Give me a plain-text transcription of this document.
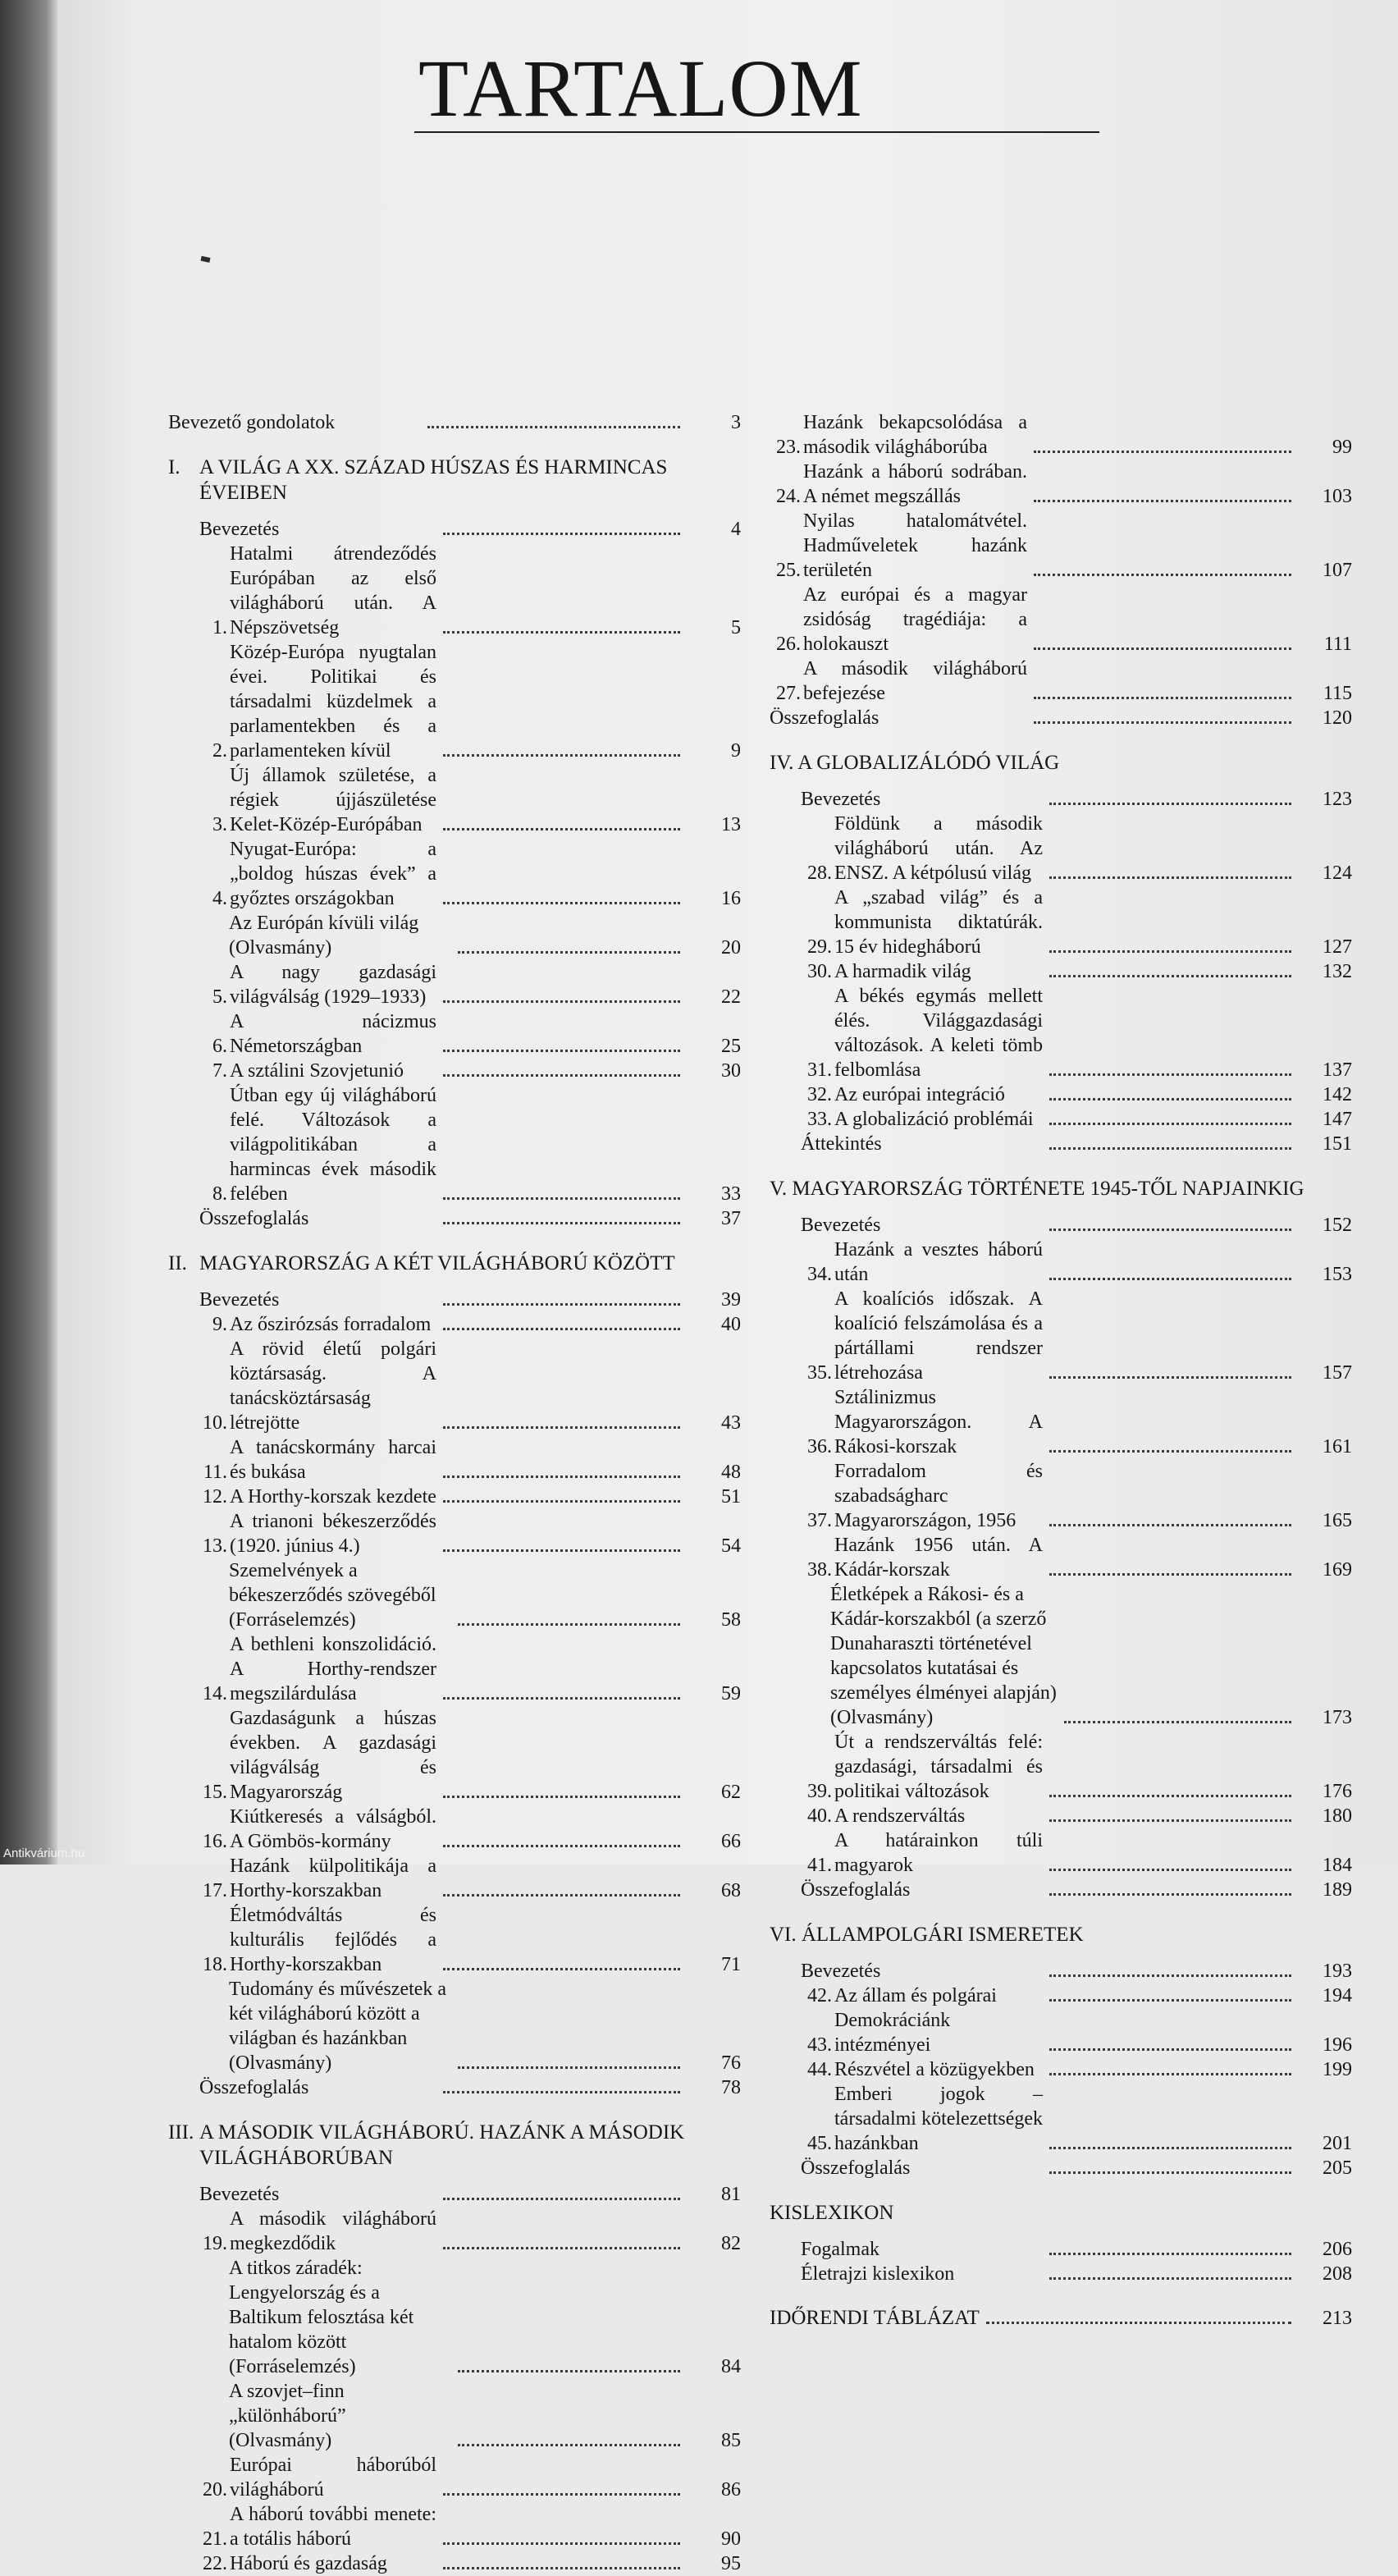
TARTALOM
Bevezető gondolatok	3
I. A VILÁG A XX. SZÁZAD HÚSZAS ÉS HARMINCAS ÉVEIBEN
Bevezetés	4
1.
Hatalmi átrendeződés Európában az első világháború után. A Népszövetség	5
2.
Közép-Európa nyugtalan évei. Politikai és társadalmi küzdelmek a parlamentekben és a parlamenteken kívül	9
3.
Új államok születése, a régiek újjászületése Kelet-Közép-Európában	13
4.
Nyugat-Európa: a „boldog húszas évek” a győztes országokban	16
Az Európán kívüli világ (Olvasmány)	20
5.
A nagy gazdasági világválság (1929–1933)	22
6.
A nácizmus Németországban	25
7. A sztálini Szovjetunió	30
8.
Útban egy új világháború felé. Változások a világpolitikában a harmincas évek második felében	33
Összefoglalás	37
II. MAGYARORSZÁG A KÉT VILÁGHÁBORÚ KÖZÖTT
Bevezetés	39
9. Az őszirózsás forradalom	40
10.
A rövid életű polgári köztársaság. A tanácsköztársaság létrejötte	43
11.
A tanácskormány harcai és bukása	48
12. A Horthy-korszak kezdete	51
13.
A trianoni békeszerződés (1920. június 4.)	54
Szemelvények a békeszerződés szövegéből (Forráselemzés)	58
14.
A bethleni konszolidáció. A Horthy-rendszer megszilárdulása	59
15.
Gazdaságunk a húszas években. A gazdasági világválság és Magyarország	62
16.
Kiútkeresés a válságból. A Gömbös-kormány	66
17.
Hazánk külpolitikája a Horthy-korszakban	68
18.
Életmódváltás és kulturális fejlődés a Horthy-korszakban	71
Tudomány és művészetek a két világháború között a világban és hazánkban (Olvasmány)	76
Összefoglalás	78
III. A MÁSODIK VILÁGHÁBORÚ. HAZÁNK A MÁSODIK VILÁGHÁBORÚBAN
Bevezetés	81
19.
A második világháború megkezdődik	82
A titkos záradék: Lengyelország és a Baltikum felosztása két hatalom között (Forráselemzés)	84
A szovjet–finn „különháború” (Olvasmány)	85
20.
Európai háborúból világháború	86
21.
A háború további menete: a totális háború	90
22. Háború és gazdaság	95
23.
Hazánk bekapcsolódása a második világháborúba	99
24.
Hazánk a háború sodrában. A német megszállás	103
25.
Nyilas hatalomátvétel. Hadműveletek hazánk területén	107
26.
Az európai és a magyar zsidóság tragédiája: a holokauszt	111
27.
A második világháború befejezése	115
Összefoglalás	120
IV. A GLOBALIZÁLÓDÓ VILÁG
Bevezetés	123
28.
Földünk a második világháború után. Az ENSZ. A kétpólusú világ	124
29.
A „szabad világ” és a kommunista diktatúrák. 15 év hidegháború	127
30. A harmadik világ	132
31.
A békés egymás mellett élés. Világgazdasági változások. A keleti tömb felbomlása	137
32. Az európai integráció	142
33. A globalizáció problémái	147
Áttekintés	151
V. MAGYARORSZÁG TÖRTÉNETE 1945-TŐL NAPJAINKIG
Bevezetés	152
34.
Hazánk a vesztes háború után	153
35.
A koalíciós időszak. A koalíció felszámolása és a pártállami rendszer létrehozása	157
36.
Sztálinizmus Magyarországon. A Rákosi-korszak	161
37.
Forradalom és szabadságharc Magyarországon, 1956	165
38.
Hazánk 1956 után. A Kádár-korszak	169
Életképek a Rákosi- és a Kádár-korszakból (a szerző Dunaharaszti történetével kapcsolatos kutatásai és személyes élményei alapján) (Olvasmány)	173
39.
Út a rendszerváltás felé: gazdasági, társadalmi és politikai változások	176
40. A rendszerváltás	180
41.
A határainkon túli magyarok	184
Összefoglalás	189
VI. ÁLLAMPOLGÁRI ISMERETEK
Bevezetés	193
42. Az állam és polgárai	194
43.
Demokráciánk intézményei	196
44. Részvétel a közügyekben	199
45.
Emberi jogok – társadalmi kötelezettségek hazánkban	201
Összefoglalás	205
KISLEXIKON
Fogalmak	206
Életrajzi kislexikon	208
IDŐRENDI TÁBLÁZAT	213
Antikvárium.hu
